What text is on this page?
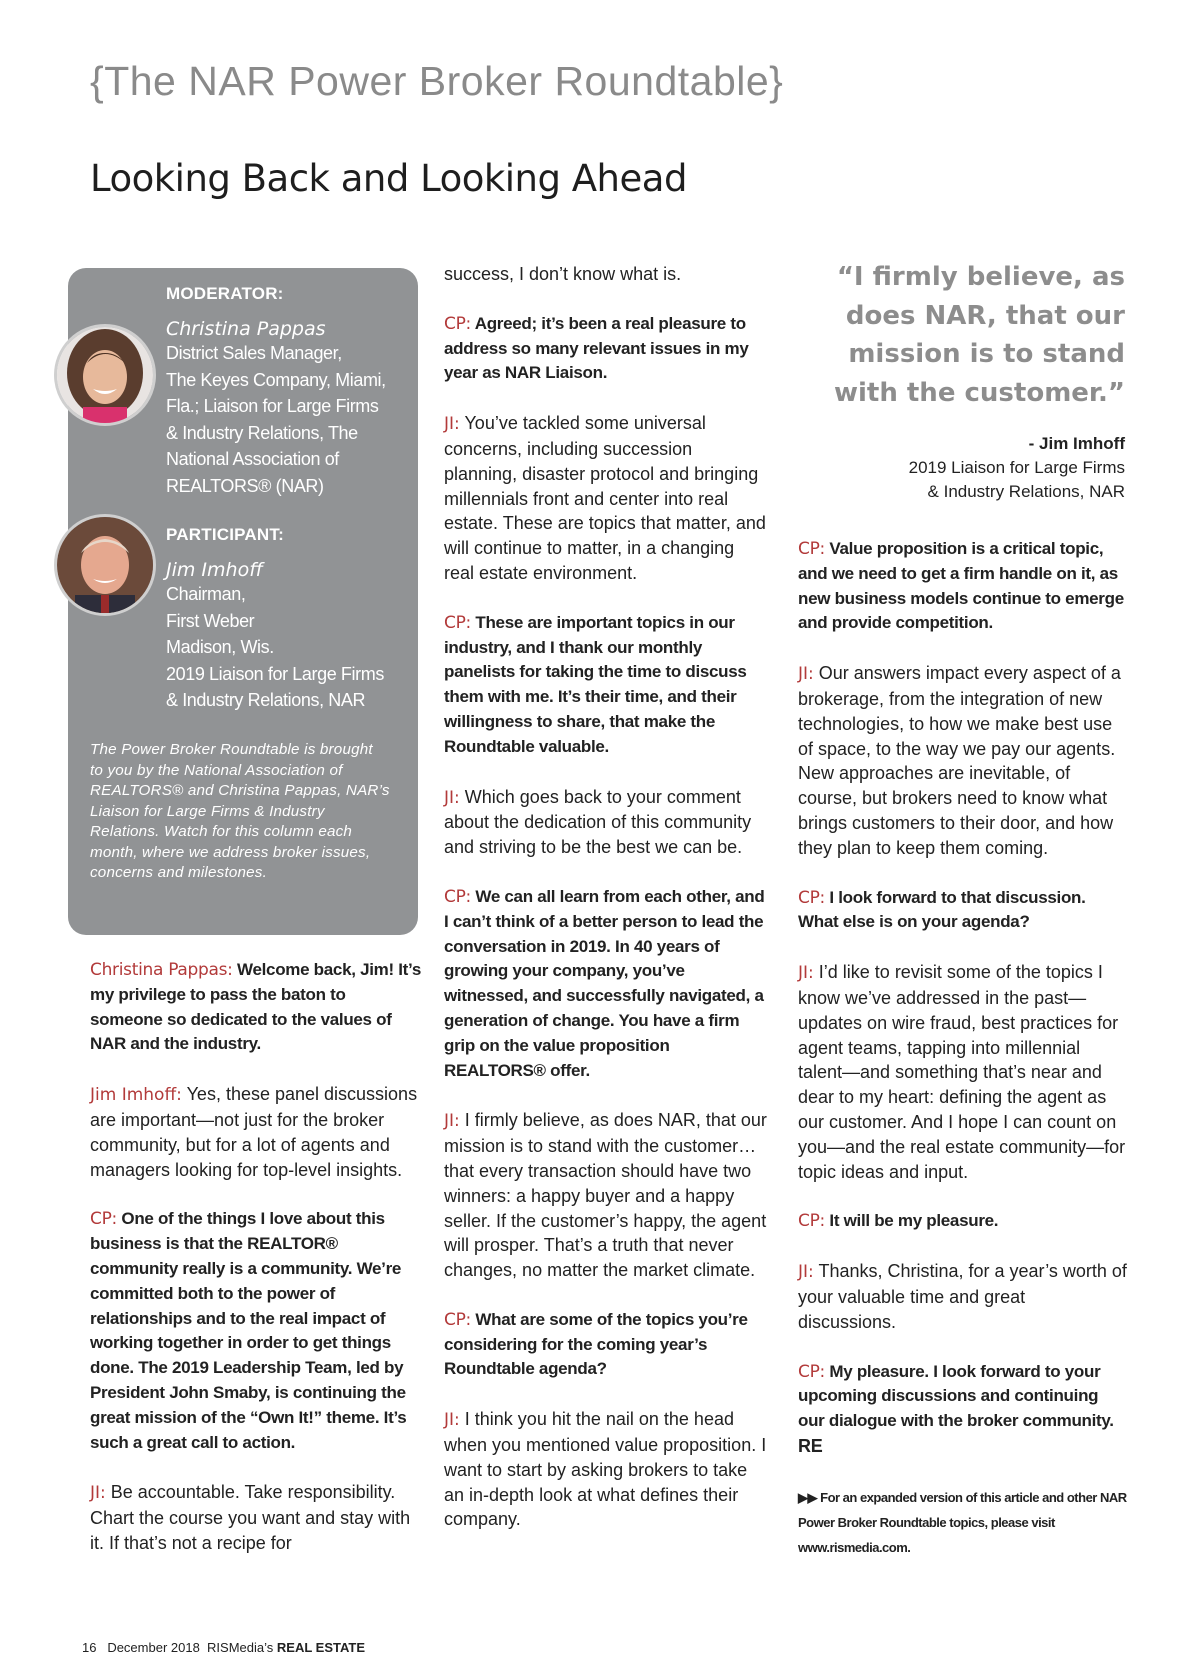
{The NAR Power Broker Roundtable}
Looking Back and Looking Ahead
MODERATOR:
Christina Pappas
District Sales Manager,
The Keyes Company, Miami,
Fla.; Liaison for Large Firms
& Industry Relations, The
National Association of
REALTORS® (NAR)
PARTICIPANT:
Jim Imhoff
Chairman,
First Weber
Madison, Wis.
2019 Liaison for Large Firms
& Industry Relations, NAR
The Power Broker Roundtable is brought to you by the National Association of REALTORS® and Christina Pappas, NAR’s Liaison for Large Firms & Industry Relations. Watch for this column each month, where we address broker issues, concerns and milestones.

Christina Pappas: Welcome back, Jim! It’s my privilege to pass the baton to someone so dedicated to the values of NAR and the industry.

Jim Imhoff: Yes, these panel discussions are important—not just for the broker community, but for a lot of agents and managers looking for top-level insights.

CP: One of the things I love about this business is that the REALTOR® community really is a community. We’re committed both to the power of relationships and to the real impact of working together in order to get things done. The 2019 Leadership Team, led by President John Smaby, is continuing the great mission of the “Own It!” theme. It’s such a great call to action.

JI: Be accountable. Take responsibility. Chart the course you want and stay with it. If that’s not a recipe for

success, I don’t know what is.

CP: Agreed; it’s been a real pleasure to address so many relevant issues in my year as NAR Liaison.

JI: You’ve tackled some universal concerns, including succession planning, disaster protocol and bringing millennials front and center into real estate. These are topics that matter, and will continue to matter, in a changing real estate environment.

CP: These are important topics in our industry, and I thank our monthly panelists for taking the time to discuss them with me. It’s their time, and their willingness to share, that make the Roundtable valuable.

JI: Which goes back to your comment about the dedication of this community and striving to be the best we can be.

CP: We can all learn from each other, and I can’t think of a better person to lead the conversation in 2019. In 40 years of growing your company, you’ve witnessed, and successfully navigated, a generation of change. You have a firm grip on the value proposition REALTORS® offer.

JI: I firmly believe, as does NAR, that our mission is to stand with the customer…that every transaction should have two winners: a happy buyer and a happy seller. If the customer’s happy, the agent will prosper. That’s a truth that never changes, no matter the market climate.

CP: What are some of the topics you’re considering for the coming year’s Roundtable agenda?

JI: I think you hit the nail on the head when you mentioned value proposition. I want to start by asking brokers to take an in-depth look at what defines their company.

“I firmly believe, as does NAR, that our mission is to stand with the customer.”
- Jim Imhoff
2019 Liaison for Large Firms
& Industry Relations, NAR

CP: Value proposition is a critical topic, and we need to get a firm handle on it, as new business models continue to emerge and provide competition.

JI: Our answers impact every aspect of a brokerage, from the integration of new technologies, to how we make best use of space, to the way we pay our agents. New approaches are inevitable, of course, but brokers need to know what brings customers to their door, and how they plan to keep them coming.

CP: I look forward to that discussion. What else is on your agenda?

JI: I’d like to revisit some of the topics I know we’ve addressed in the past—updates on wire fraud, best practices for agent teams, tapping into millennial talent—and something that’s near and dear to my heart: defining the agent as our customer. And I hope I can count on you—and the real estate community—for topic ideas and input.

CP: It will be my pleasure.

JI: Thanks, Christina, for a year’s worth of your valuable time and great discussions.

CP: My pleasure. I look forward to your upcoming discussions and continuing our dialogue with the broker community. RE

▶▶ For an expanded version of this article and other NAR Power Broker Roundtable topics, please visit www.rismedia.com.

16 December 2018 RISMedia’s REAL ESTATE
